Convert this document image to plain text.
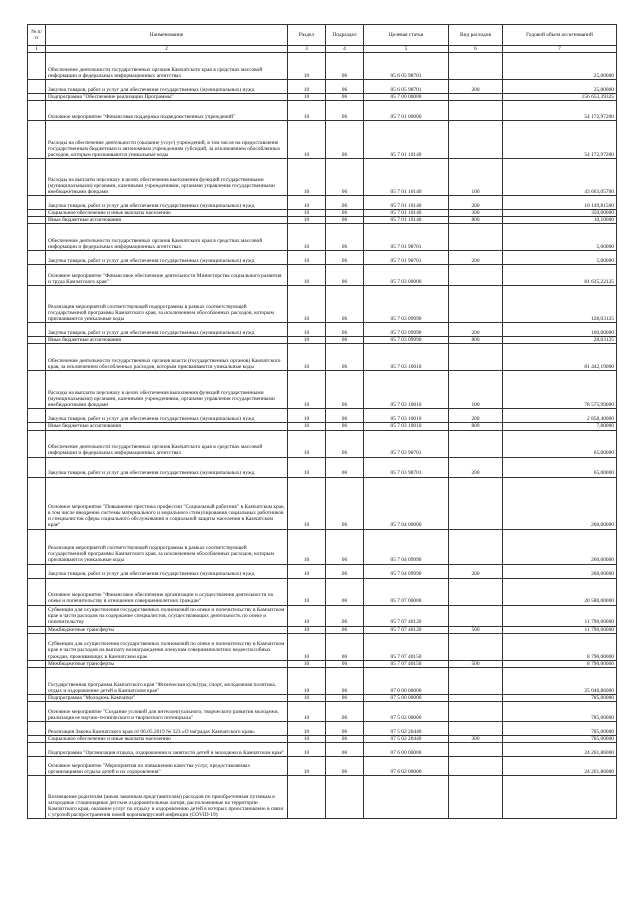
№ п/п	Наименование	Раздел	Подраздел	Целевая статья	Вид расходов	Годовой объем ассигнований
1	2	3	4	5	6	7
	Обеспечение деятельности государственных органов Камчатского края в средствах массовой информации и федеральных информационных агентствах	10	06	05 6 05 98701		25,00000
	Закупка товаров, работ и услуг для обеспечения государственных (муниципальных) нужд	10	06	05 6 05 98701	200	25,00000
	Подпрограмма "Обеспечение реализации Программы"	10	06	05 7 00 00000		156 653,39325
	Основное мероприятие "Финансовая поддержка подведомственных учреждений"	10	06	05 7 01 00000		54 172,97200
	Расходы на обеспечение деятельности (оказание услуг) учреждений, в том числе на предоставление государственным бюджетным и автономным учреждениям субсидий, за исключением обособленных расходов, которым присваиваются уникальные коды	10	06	05 7 01 10140		54 172,97200
	Расходы на выплаты персоналу в целях обеспечения выполнения функций государственными (муниципальными) органами, казенными учреждениями, органами управления государственными внебюджетными фондами	10	06	05 7 01 10140	100	43 663,05700
	Закупка товаров, работ и услуг для обеспечения государственных (муниципальных) нужд	10	06	05 7 01 10140	200	10 149,81500
	Социальное обеспечение и иные выплаты населению	10	06	05 7 01 10140	300	350,00000
	Иные бюджетные ассигнования	10	06	05 7 01 10140	800	10,10000
	Обеспечение деятельности государственных органов Камчатского края в средствах массовой информации и федеральных информационных агентствах	10	06	05 7 01 98701		5,00000
	Закупка товаров, работ и услуг для обеспечения государственных (муниципальных) нужд	10	06	05 7 01 98701	200	5,00000
	Основное мероприятие "Финансовое обеспечение деятельности Министерства социального развития и труда Камчатского края"	10	06	05 7 03 00000		81 635,22125
	Реализация мероприятий соответствующей подпрограммы в рамках соответствующей государственной программы Камчатского края, за исключением обособленных расходов, которым присваиваются уникальные коды	10	06	05 7 03 09990		128,03125
	Закупка товаров, работ и услуг для обеспечения государственных (муниципальных) нужд	10	06	05 7 03 09990	200	100,00000
	Иные бюджетные ассигнования	10	06	05 7 03 09990	800	28,03125
	Обеспечение деятельности государственных органов власти (государственных органов) Камчатского края, за исключением обособленных расходов, которым присваиваются уникальные коды	10	06	05 7 03 10010		81 442,19000
	Расходы на выплаты персоналу в целях обеспечения выполнения функций государственными (муниципальными) органами, казенными учреждениями, органами управления государственными внебюджетными фондами	10	06	05 7 03 10010	100	78 575,99000
	Закупка товаров, работ и услуг для обеспечения государственных (муниципальных) нужд	10	06	05 7 03 10010	200	2 858,40000
	Иные бюджетные ассигнования	10	06	05 7 03 10010	800	7,80000
	Обеспечение деятельности государственных органов Камчатского края в средствах массовой информации и федеральных информационных агентствах	10	06	05 7 03 98701		65,00000
	Закупка товаров, работ и услуг для обеспечения государственных (муниципальных) нужд	10	06	05 7 03 98701	200	65,00000
	Основное мероприятие "Повышение престижа профессии "Социальный работник" в Камчатском крае, в том числе внедрение системы материального и морального стимулирования социальных работников и специалистов сферы социального обслуживания и социальной защиты населения в Камчатском крае"	10	06	05 7 04 00000		260,00000
	Реализация мероприятий соответствующей подпрограммы в рамках соответствующей государственной программы Камчатского края, за исключением обособленных расходов, которым присваиваются уникальные коды	10	06	05 7 04 09990		260,00000
	Закупка товаров, работ и услуг для обеспечения государственных (муниципальных) нужд	10	06	05 7 04 09990	200	260,00000
	Основное мероприятие "Финансовое обеспечение организации и осуществления деятельности по опеке и попечительству в отношении совершеннолетних граждан"	10	06	05 7 07 00000		20 580,00000
	Субвенции для осуществления государственных полномочий по опеке и попечительству в Камчатском крае в части расходов на содержание специалистов, осуществляющих деятельность по опеке и попечительству	10	06	05 7 07 40120		11 790,00000
	Межбюджетные трансферты	10	06	05 7 07 40120	500	11 790,00000
	Субвенции для осуществления государственных полномочий по опеке и попечительству в Камчатском крае в части расходов на выплату вознаграждения опекунам совершеннолетних недееспособных граждан, проживающих в Камчатском крае	10	06	05 7 07 40150		8 790,00000
	Межбюджетные трансферты	10	06	05 7 07 40150	500	8 790,00000
	Государственная программа Камчатского края "Физическая культура, спорт, молодежная политика, отдых и оздоровление детей в Камчатском крае"	10	06	07 0 00 00000		25 046,86000
	Подпрограмма "Молодежь Камчатки"	10	06	07 5 00 00000		785,00000
	Основное мероприятие "Создание условий для интеллектуального, творческого развития молодежи, реализация ее научно-технического и творческого потенциала"	10	06	07 5 02 00000		785,00000
	Реализация Закона Камчатского края от 06.05.2019 № 323 «О наградах Камчатского края»	10	06	07 5 02 20440		785,00000
	Социальное обеспечение и иные выплаты населению	10	06	07 5 02 20440	300	785,00000
	Подпрограмма "Организация отдыха, оздоровления и занятости детей и молодежи в Камчатском крае"	10	06	07 6 00 00000		24 261,86000
	Основное мероприятие "Мероприятия по повышению качества услуг, предоставляемых организациями отдыха детей и их оздоровления"	10	06	07 6 02 00000		24 261,86000
	Возмещение родителям (иным законным представителям) расходов по приобретенным путевкам в загородные стационарные детские оздоровительные лагеря, расположенные на территории Камчатского края, оказание услуг по отдыху и оздоровлению детей в которых приостановлено в связи с угрозой распространения новой коронавирусной инфекции (COVID-19)					
